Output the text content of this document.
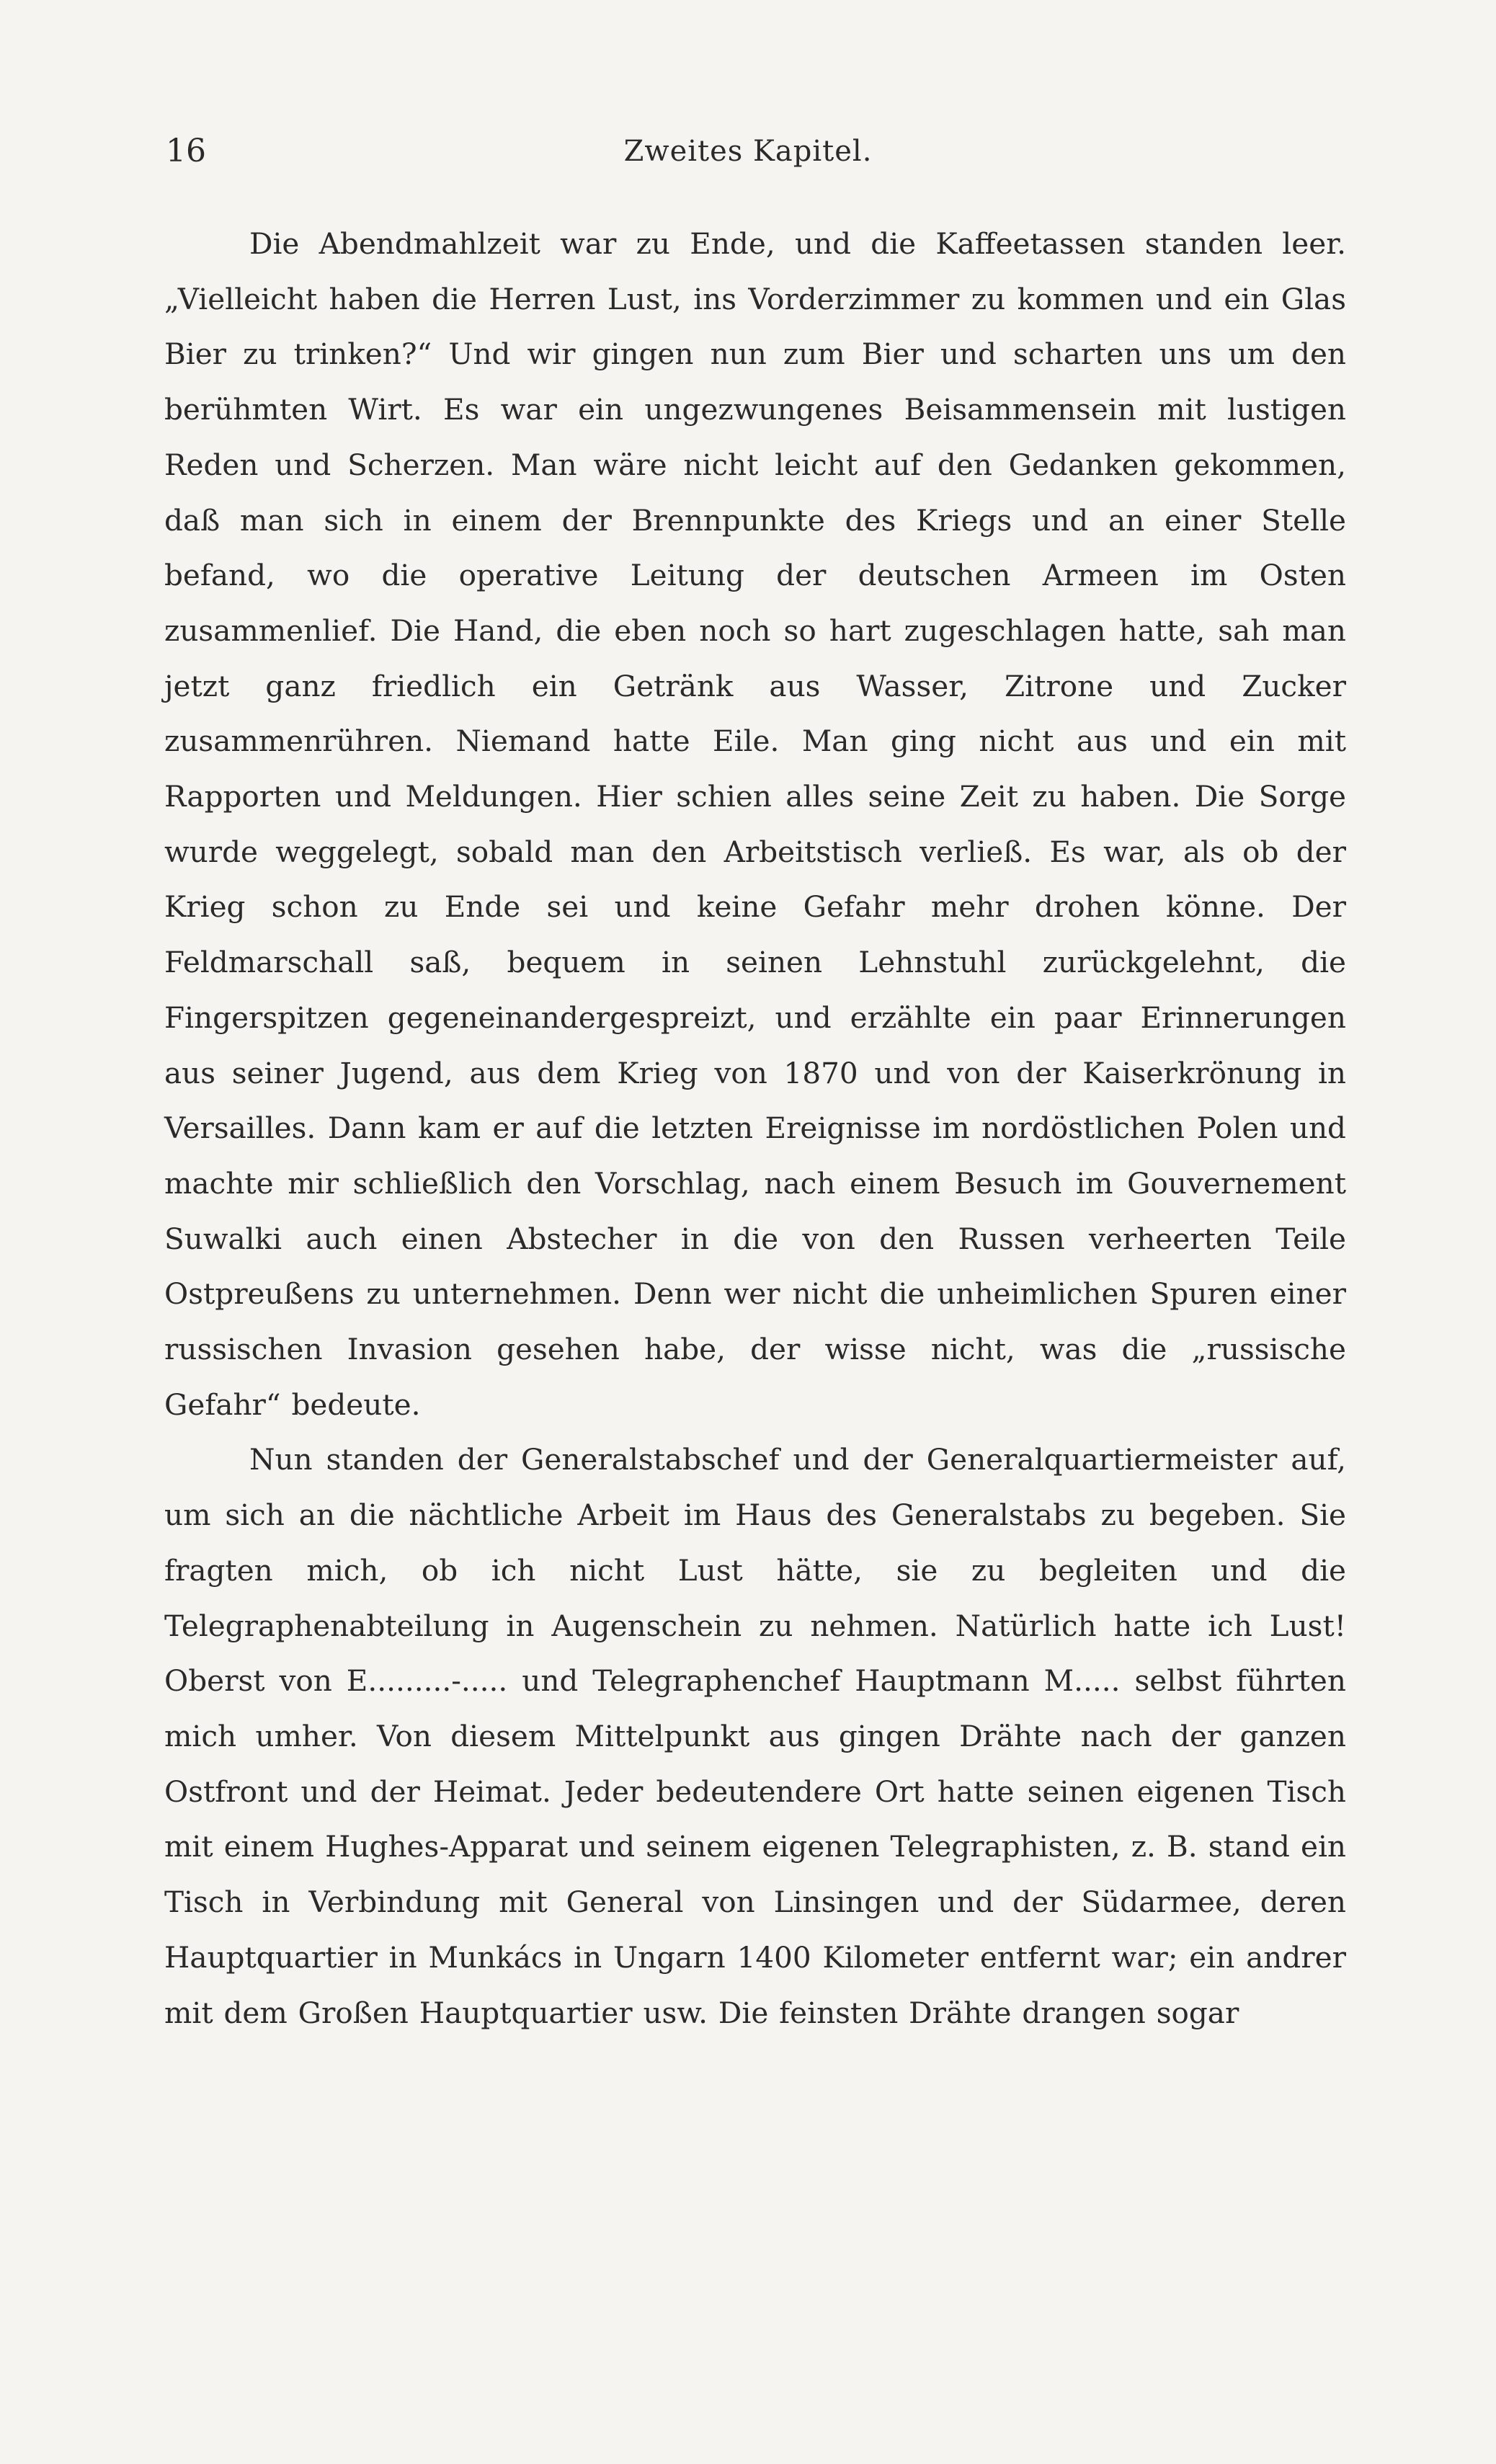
16	Zweites Kapitel.

Die Abendmahlzeit war zu Ende, und die Kaffeetassen standen leer. „Vielleicht haben die Herren Lust, ins Vorderzimmer zu kommen und ein Glas Bier zu trinken?“ Und wir gingen nun zum Bier und scharten uns um den berühmten Wirt. Es war ein ungezwungenes Beisammensein mit lustigen Reden und Scherzen. Man wäre nicht leicht auf den Gedanken gekommen, daß man sich in einem der Brennpunkte des Kriegs und an einer Stelle befand, wo die operative Leitung der deutschen Armeen im Osten zusammenlief. Die Hand, die eben noch so hart zugeschlagen hatte, sah man jetzt ganz friedlich ein Getränk aus Wasser, Zitrone und Zucker zusammenrühren. Niemand hatte Eile. Man ging nicht aus und ein mit Rapporten und Meldungen. Hier schien alles seine Zeit zu haben. Die Sorge wurde weggelegt, sobald man den Arbeitstisch verließ. Es war, als ob der Krieg schon zu Ende sei und keine Gefahr mehr drohen könne. Der Feldmarschall saß, bequem in seinen Lehnstuhl zurückgelehnt, die Fingerspitzen gegeneinandergespreizt, und erzählte ein paar Erinnerungen aus seiner Jugend, aus dem Krieg von 1870 und von der Kaiserkrönung in Versailles. Dann kam er auf die letzten Ereignisse im nordöstlichen Polen und machte mir schließlich den Vorschlag, nach einem Besuch im Gouvernement Suwalki auch einen Abstecher in die von den Russen verheerten Teile Ostpreußens zu unternehmen. Denn wer nicht die unheimlichen Spuren einer russischen Invasion gesehen habe, der wisse nicht, was die „russische Gefahr“ bedeute.

Nun standen der Generalstabschef und der Generalquartiermeister auf, um sich an die nächtliche Arbeit im Haus des Generalstabs zu begeben. Sie fragten mich, ob ich nicht Lust hätte, sie zu begleiten und die Telegraphenabteilung in Augenschein zu nehmen. Natürlich hatte ich Lust! Oberst von E.........-..... und Telegraphenchef Hauptmann M..... selbst führten mich umher. Von diesem Mittelpunkt aus gingen Drähte nach der ganzen Ostfront und der Heimat. Jeder bedeutendere Ort hatte seinen eigenen Tisch mit einem Hughes-Apparat und seinem eigenen Telegraphisten, z. B. stand ein Tisch in Verbindung mit General von Linsingen und der Südarmee, deren Hauptquartier in Munkács in Ungarn 1400 Kilometer entfernt war; ein andrer mit dem Großen Hauptquartier usw. Die feinsten Drähte drangen sogar
